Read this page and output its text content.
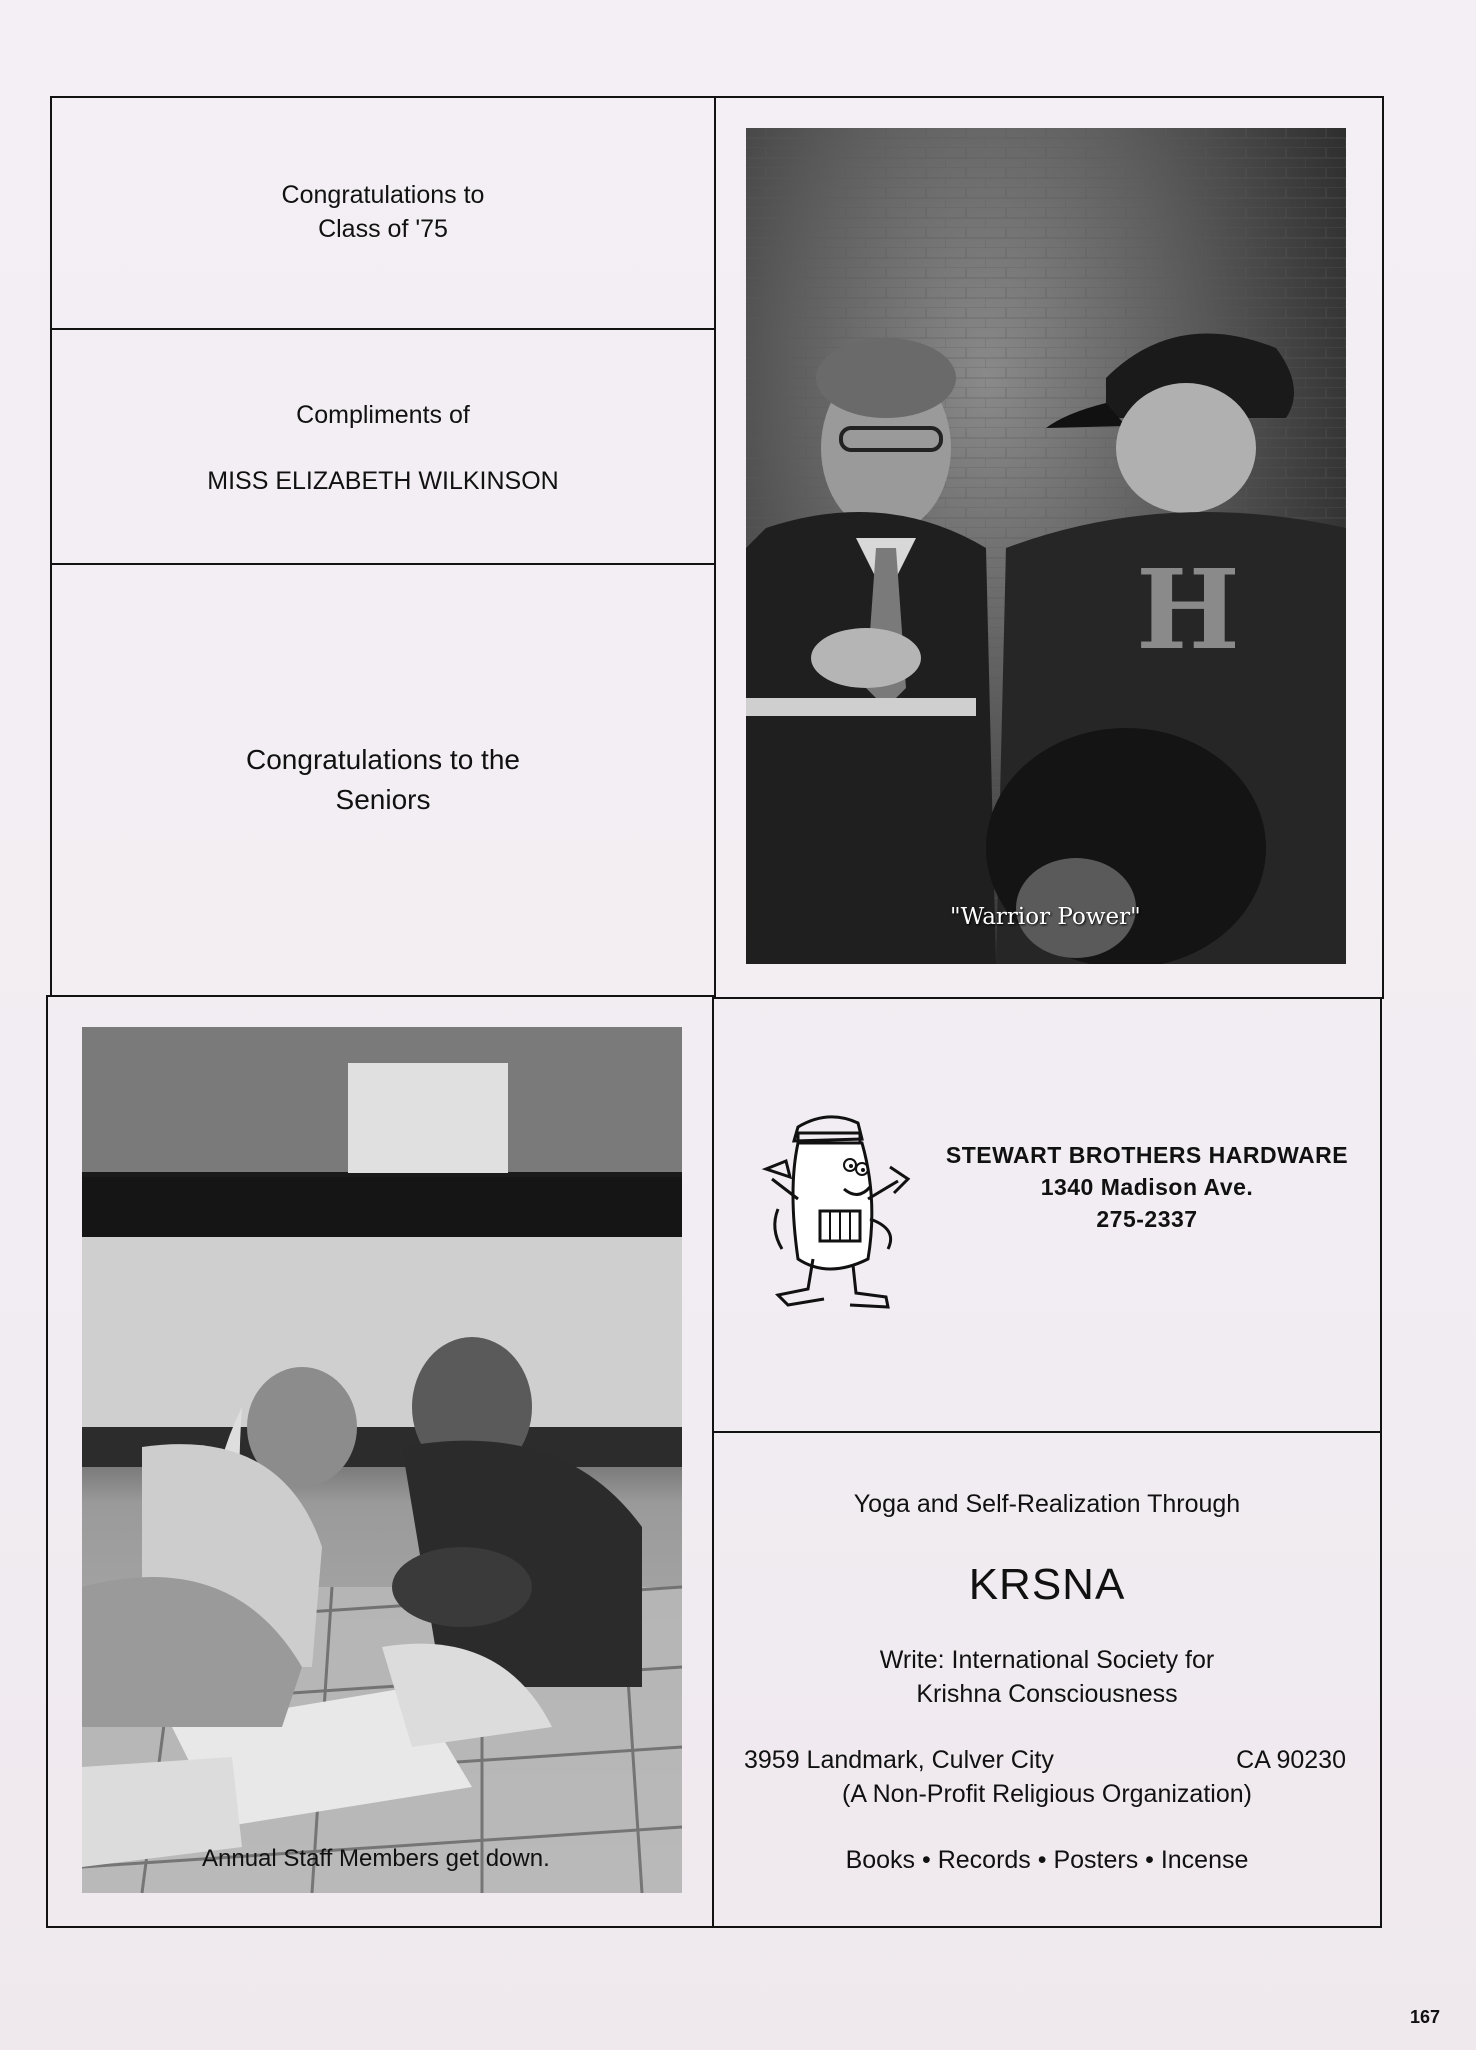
Congratulations to
Class of '75
Compliments of
MISS ELIZABETH WILKINSON
Congratulations to the
Seniors
H
"Warrior Power"
Annual Staff Members get down.
STEWART BROTHERS HARDWARE
1340 Madison Ave.
275-2337
Yoga and Self-Realization Through
KRSNA
Write: International Society for
Krishna Consciousness
3959 Landmark, Culver City	CA 90230
(A Non-Profit Religious Organization)
Books • Records • Posters • Incense
167
